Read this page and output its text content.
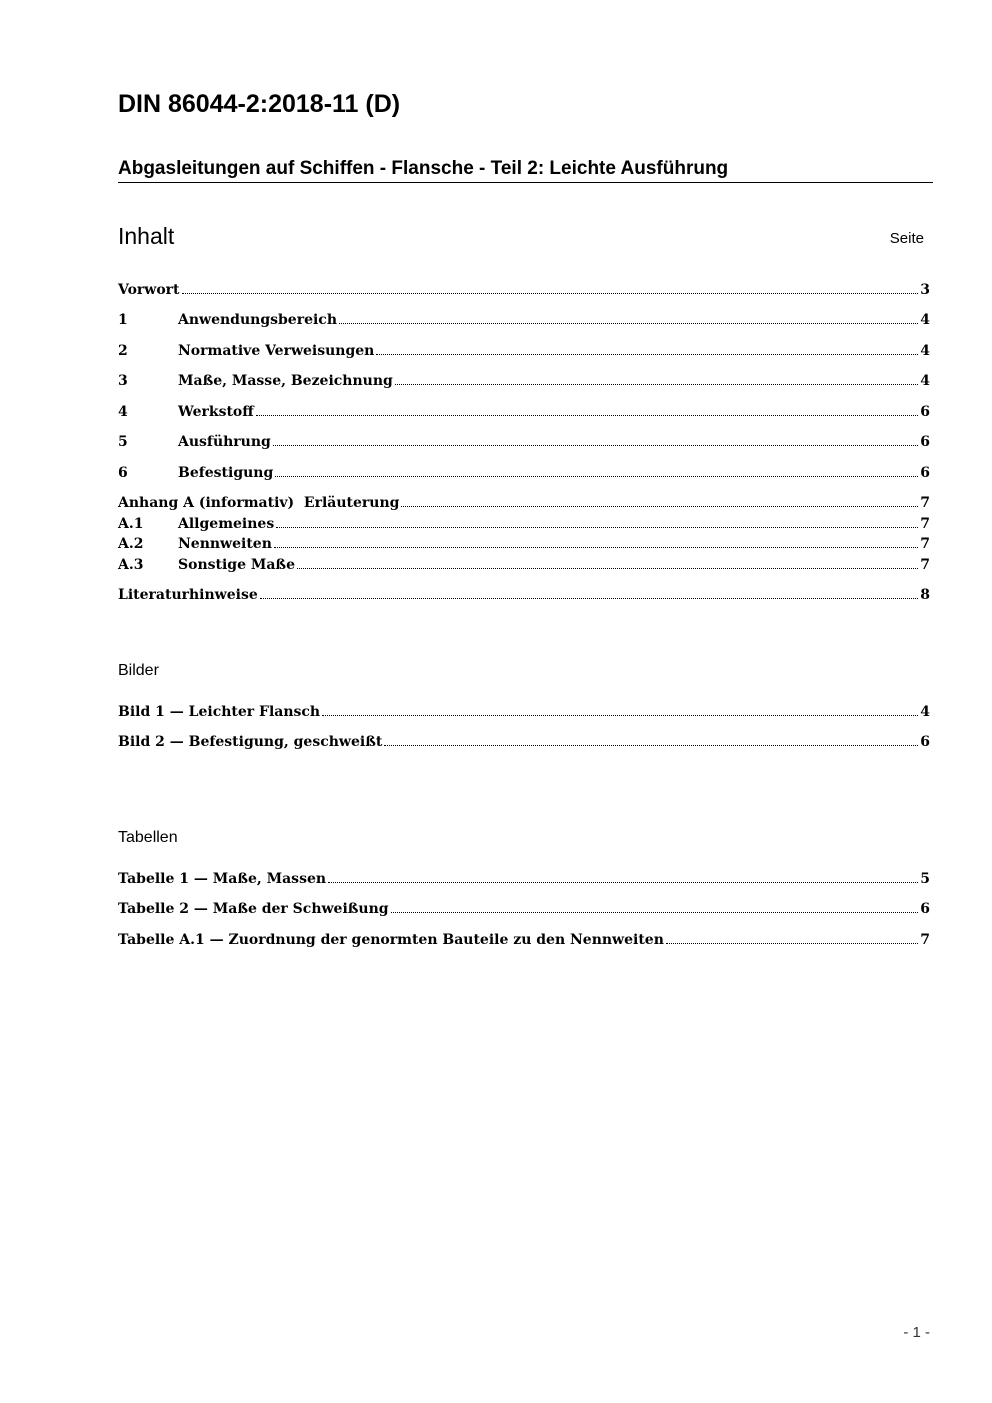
DIN 86044-2:2018-11 (D)
Abgasleitungen auf Schiffen - Flansche - Teil 2: Leichte Ausführung
Inhalt	Seite
Vorwort	3
1	Anwendungsbereich	4
2	Normative Verweisungen	4
3	Maße, Masse, Bezeichnung	4
4	Werkstoff	6
5	Ausführung	6
6	Befestigung	6
Anhang A (informativ)  Erläuterung	7
A.1	Allgemeines	7
A.2	Nennweiten	7
A.3	Sonstige Maße	7
Literaturhinweise	8
Bilder
Bild 1 — Leichter Flansch	4
Bild 2 — Befestigung, geschweißt	6
Tabellen
Tabelle 1 — Maße, Massen	5
Tabelle 2 — Maße der Schweißung	6
Tabelle A.1 — Zuordnung der genormten Bauteile zu den Nennweiten	7
- 1 -
